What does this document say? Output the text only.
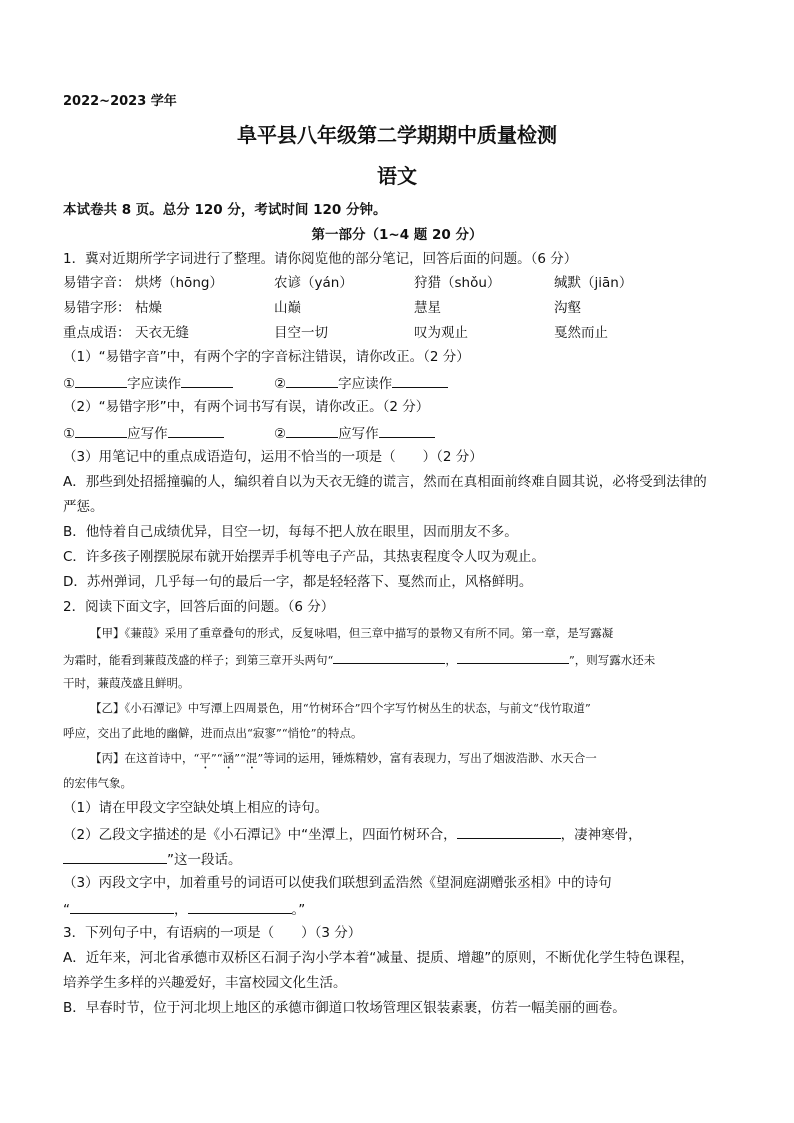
2022~2023 学年
阜平县八年级第二学期期中质量检测
语文
本试卷共 8 页。总分 120 分，考试时间 120 分钟。
第一部分（1~4 题 20 分）
1．冀对近期所学字词进行了整理。请你阅览他的部分笔记，回答后面的问题。（6 分）
易错字音： 烘烤（hōng）	农谚（yán）	狩猎（shǒu）	缄默（jiān）
易错字形： 枯燥	山巅	慧星	沟壑
重点成语： 天衣无缝	目空一切	叹为观止	戛然而止
（1）“易错字音”中，有两个字的字音标注错误，请你改正。（2 分）
①	字应读作	②	字应读作
（2）“易错字形”中，有两个词书写有误，请你改正。（2 分）
①	应写作	②	应写作
（3）用笔记中的重点成语造句，运用不恰当的一项是（　　）（2 分）
A．那些到处招摇撞骗的人，编织着自以为天衣无缝的谎言，然而在真相面前终难自圆其说，必将受到法律的
严惩。
B．他恃着自己成绩优异，目空一切，每每不把人放在眼里，因而朋友不多。
C．许多孩子刚摆脱尿布就开始摆弄手机等电子产品，其热衷程度令人叹为观止。
D．苏州弹词，几乎每一句的最后一字，都是轻轻落下、戛然而止，风格鲜明。
2．阅读下面文字，回答后面的问题。（6 分）
【甲】《蒹葭》采用了重章叠句的形式，反复咏唱，但三章中描写的景物又有所不同。第一章，是写露凝
为霜时，能看到蒹葭茂盛的样子；到第三章开头两句“	，	”，则写露水还未
干时，蒹葭茂盛且鲜明。
【乙】《小石潭记》中写潭上四周景色，用“竹树环合”四个字写竹树丛生的状态，与前文“伐竹取道”
呼应，交出了此地的幽僻，进而点出“寂寥”“悄怆”的特点。
【丙】在这首诗中，“平”“涵”“混”等词的运用，锤炼精妙，富有表现力，写出了烟波浩渺、水天合一
的宏伟气象。
（1）请在甲段文字空缺处填上相应的诗句。
（2）乙段文字描述的是《小石潭记》中“坐潭上，四面竹树环合，	，凄神寒骨，
”这一段话。
（3）丙段文字中，加着重号的词语可以使我们联想到孟浩然《望洞庭湖赠张丞相》中的诗句
“	，	。”
3．下列句子中，有语病的一项是（　　）（3 分）
A．近年来，河北省承德市双桥区石洞子沟小学本着“减量、提质、增趣”的原则，不断优化学生特色课程，
培养学生多样的兴趣爱好，丰富校园文化生活。
B．早春时节，位于河北坝上地区的承德市御道口牧场管理区银装素裹，仿若一幅美丽的画卷。
